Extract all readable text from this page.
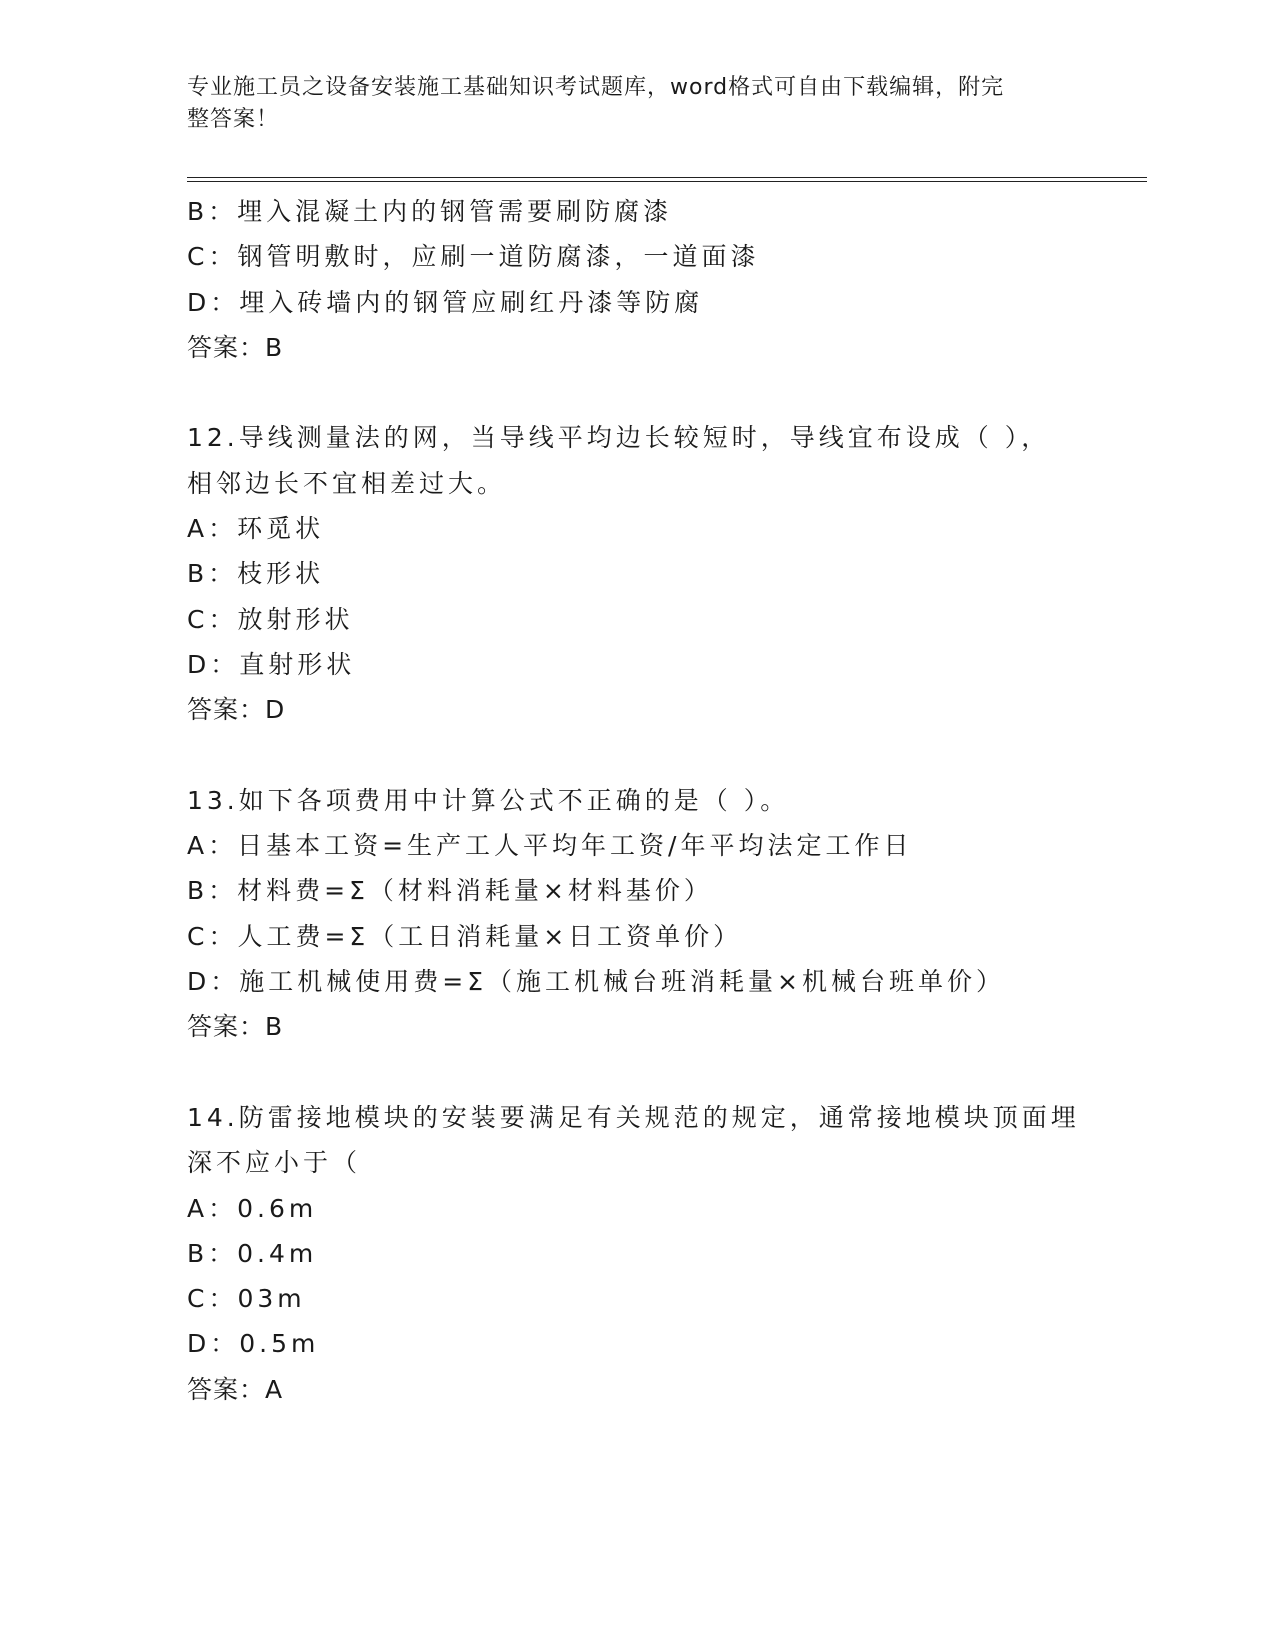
专业施工员之设备安装施工基础知识考试题库，word格式可自由下载编辑，附完
整答案！
B：埋入混凝土内的钢管需要刷防腐漆
C：钢管明敷时，应刷一道防腐漆，一道面漆
D：埋入砖墙内的钢管应刷红丹漆等防腐
答案：B
12.导线测量法的网，当导线平均边长较短时，导线宜布设成（ ），
相邻边长不宜相差过大。
A：环觅状
B：枝形状
C：放射形状
D：直射形状
答案：D
13.如下各项费用中计算公式不正确的是（ ）。
A：日基本工资=生产工人平均年工资/年平均法定工作日
B：材料费=Σ（材料消耗量×材料基价）
C：人工费=Σ（工日消耗量×日工资单价）
D：施工机械使用费=Σ（施工机械台班消耗量×机械台班单价）
答案：B
14.防雷接地模块的安装要满足有关规范的规定，通常接地模块顶面埋
深不应小于（
A：0.6m
B：0.4m
C：03m
D：0.5m
答案：A
